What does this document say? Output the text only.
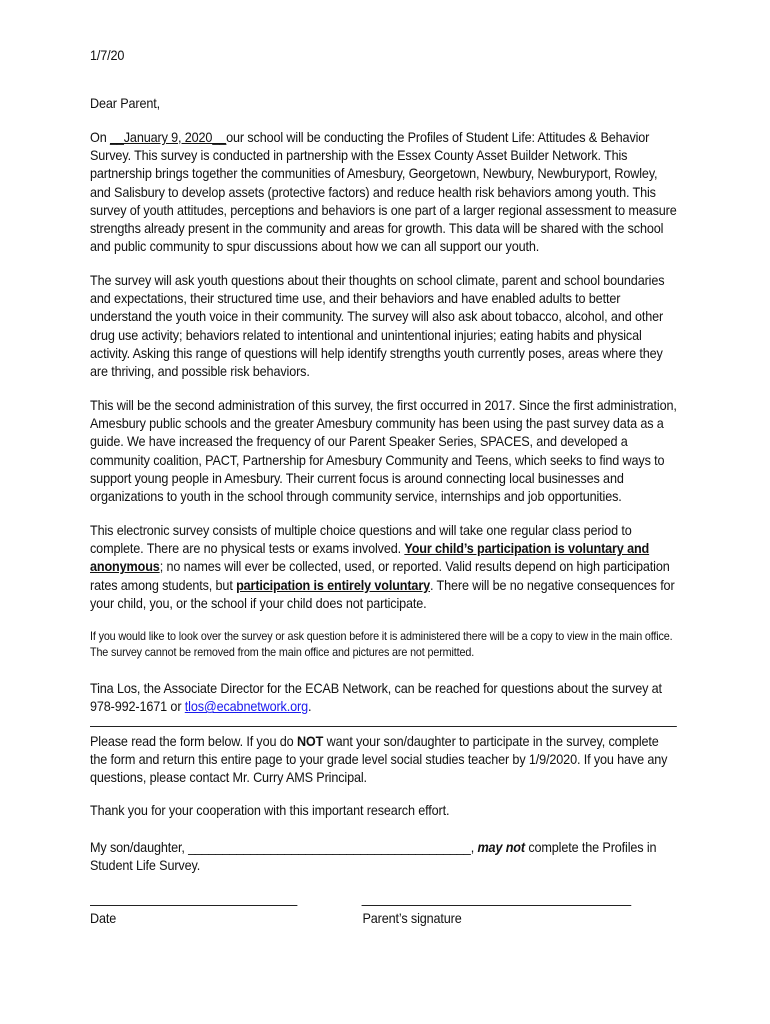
1/7/20

Dear Parent,

On __January 9, 2020__our school will be conducting the Profiles of Student Life: Attitudes & Behavior Survey. This survey is conducted in partnership with the Essex County Asset Builder Network. This partnership brings together the communities of Amesbury, Georgetown, Newbury, Newburyport, Rowley, and Salisbury to develop assets (protective factors) and reduce health risk behaviors among youth. This survey of youth attitudes, perceptions and behaviors is one part of a larger regional assessment to measure strengths already present in the community and areas for growth. This data will be shared with the school and public community to spur discussions about how we can all support our youth.

The survey will ask youth questions about their thoughts on school climate, parent and school boundaries and expectations, their structured time use, and their behaviors and have enabled adults to better understand the youth voice in their community. The survey will also ask about tobacco, alcohol, and other drug use activity; behaviors related to intentional and unintentional injuries; eating habits and physical activity. Asking this range of questions will help identify strengths youth currently poses, areas where they are thriving, and possible risk behaviors.

This will be the second administration of this survey, the first occurred in 2017. Since the first administration, Amesbury public schools and the greater Amesbury community has been using the past survey data as a guide. We have increased the frequency of our Parent Speaker Series, SPACES, and developed a community coalition, PACT, Partnership for Amesbury Community and Teens, which seeks to find ways to support young people in Amesbury. Their current focus is around connecting local businesses and organizations to youth in the school through community service, internships and job opportunities.

This electronic survey consists of multiple choice questions and will take one regular class period to complete. There are no physical tests or exams involved. Your child’s participation is voluntary and anonymous; no names will ever be collected, used, or reported. Valid results depend on high participation rates among students, but participation is entirely voluntary. There will be no negative consequences for your child, you, or the school if your child does not participate.

If you would like to look over the survey or ask question before it is administered there will be a copy to view in the main office. The survey cannot be removed from the main office and pictures are not permitted.

Tina Los, the Associate Director for the ECAB Network, can be reached for questions about the survey at 978-992-1671 or tlos@ecabnetwork.org.

Please read the form below. If you do NOT want your son/daughter to participate in the survey, complete the form and return this entire page to your grade level social studies teacher by 1/9/2020. If you have any questions, please contact Mr. Curry AMS Principal.

Thank you for your cooperation with this important research effort.

My son/daughter, _________________________________________, may not complete the Profiles in Student Life Survey.

Date	Parent’s signature
